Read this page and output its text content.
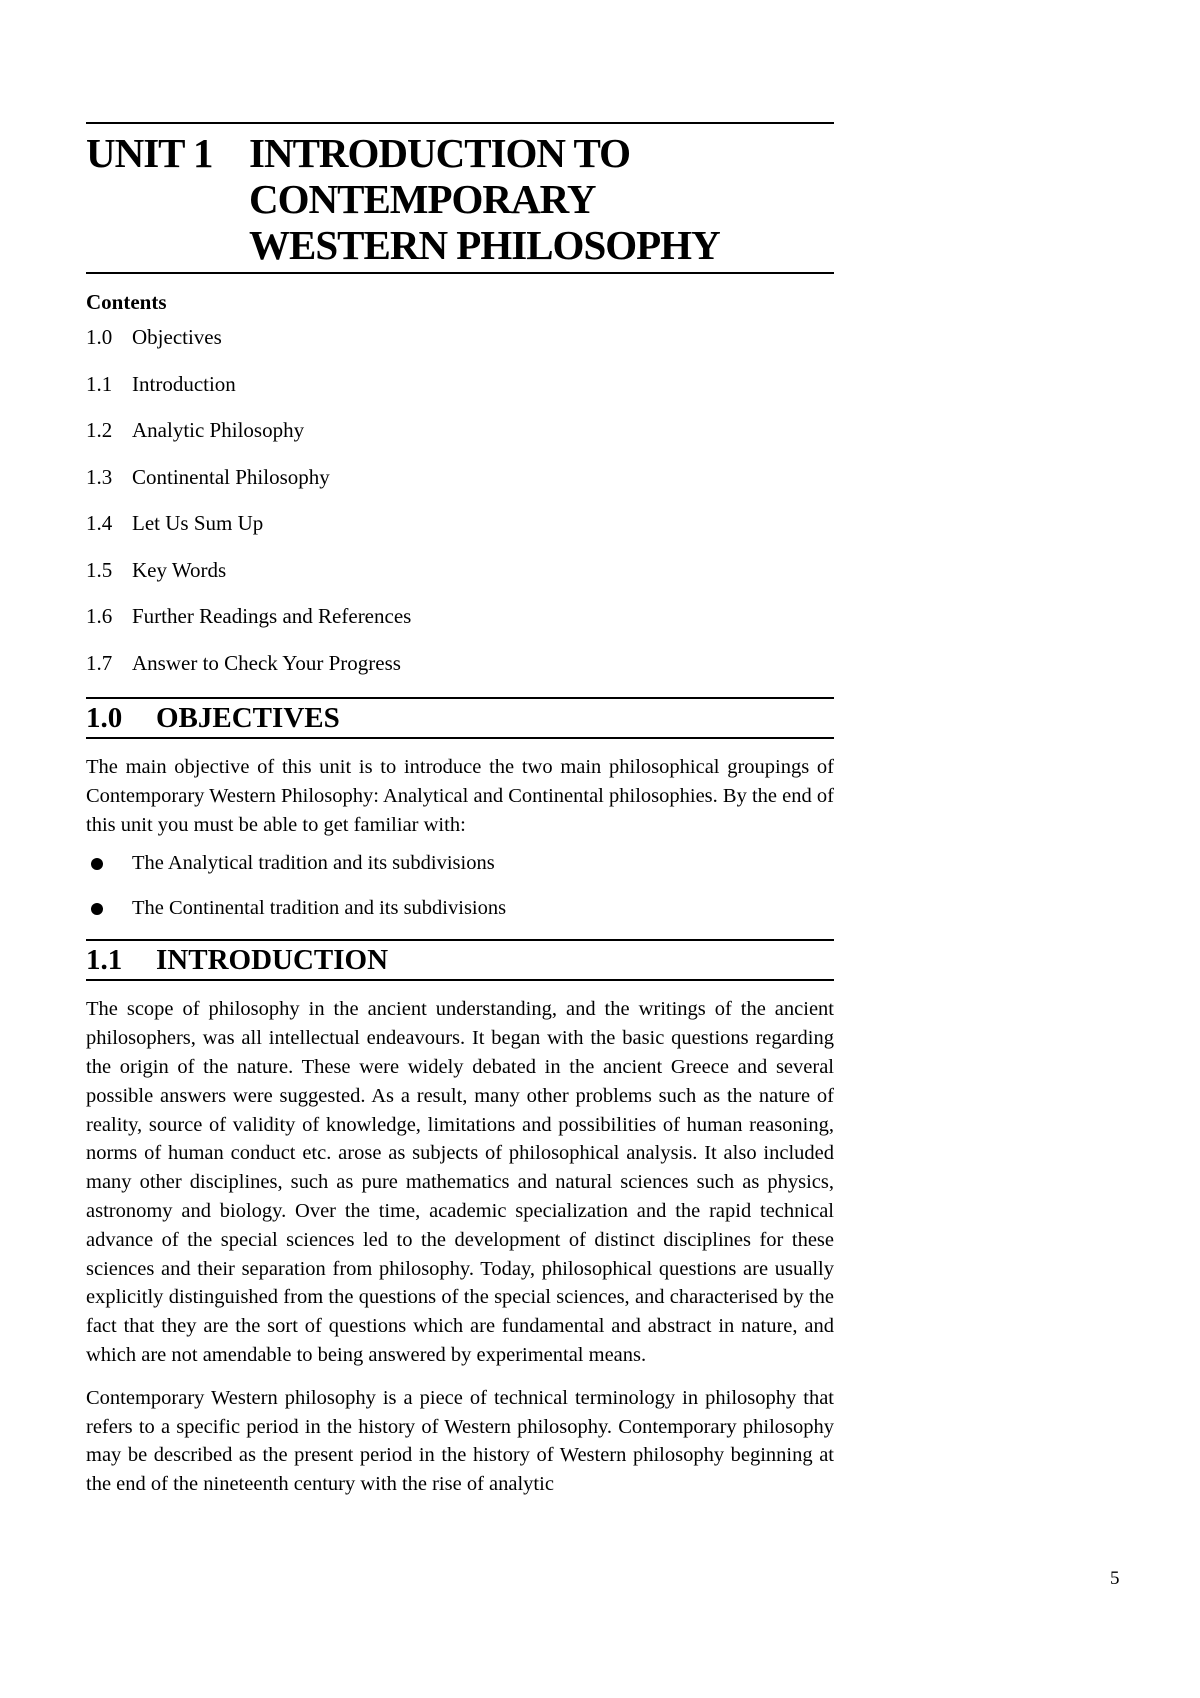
UNIT 1 INTRODUCTION TO
CONTEMPORARY
WESTERN PHILOSOPHY
Contents
1.0 Objectives
1.1 Introduction
1.2 Analytic Philosophy
1.3 Continental Philosophy
1.4 Let Us Sum Up
1.5 Key Words
1.6 Further Readings and References
1.7 Answer to Check Your Progress
1.0	OBJECTIVES

The main objective of this unit is to introduce the two main philosophical groupings of Contemporary Western Philosophy: Analytical and Continental philosophies. By the end of this unit you must be able to get familiar with:

The Analytical tradition and its subdivisions
The Continental tradition and its subdivisions
1.1	INTRODUCTION

The scope of philosophy in the ancient understanding, and the writings of the ancient philosophers, was all intellectual endeavours. It began with the basic questions regarding the origin of the nature. These were widely debated in the ancient Greece and several possible answers were suggested. As a result, many other problems such as the nature of reality, source of validity of knowledge, limitations and possibilities of human reasoning, norms of human conduct etc. arose as subjects of philosophical analysis. It also included many other disciplines, such as pure mathematics and natural sciences such as physics, astronomy and biology. Over the time, academic specialization and the rapid technical advance of the special sciences led to the development of distinct disciplines for these sciences and their separation from philosophy. Today, philosophical questions are usually explicitly distinguished from the questions of the special sciences, and characterised by the fact that they are the sort of questions which are fundamental and abstract in nature, and which are not amendable to being answered by experimental means.

Contemporary Western philosophy is a piece of technical terminology in philosophy that refers to a specific period in the history of Western philosophy. Contemporary philosophy may be described as the present period in the history of Western philosophy beginning at the end of the nineteenth century with the rise of analytic

5
